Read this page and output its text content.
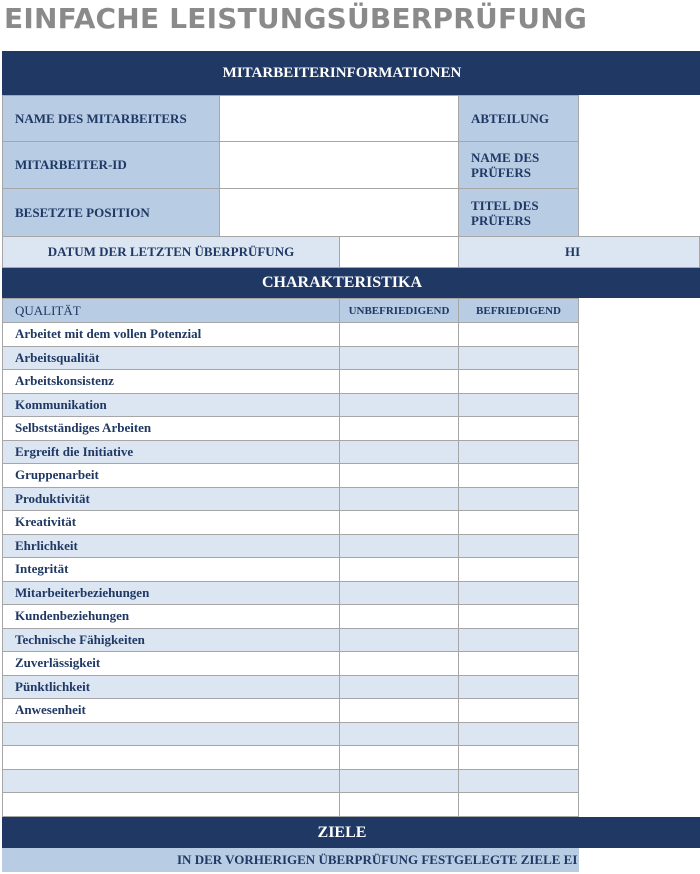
EINFACHE LEISTUNGSÜBERPRÜFUNG
MITARBEITERINFORMATIONEN
NAME DES MITARBEITERS	ABTEILUNG
MITARBEITER-ID	NAME DES PRÜFERS
BESETZTE POSITION	TITEL DES PRÜFERS
DATUM DER LETZTEN ÜBERPRÜFUNG	HI
CHARAKTERISTIKA
QUALITÄT	UNBEFRIEDIGEND	BEFRIEDIGEND
Arbeitet mit dem vollen Potenzial
Arbeitsqualität
Arbeitskonsistenz
Kommunikation
Selbstständiges Arbeiten
Ergreift die Initiative
Gruppenarbeit
Produktivität
Kreativität
Ehrlichkeit
Integrität
Mitarbeiterbeziehungen
Kundenbeziehungen
Technische Fähigkeiten
Zuverlässigkeit
Pünktlichkeit
Anwesenheit
ZIELE
IN DER VORHERIGEN ÜBERPRÜFUNG FESTGELEGTE ZIELE EI
